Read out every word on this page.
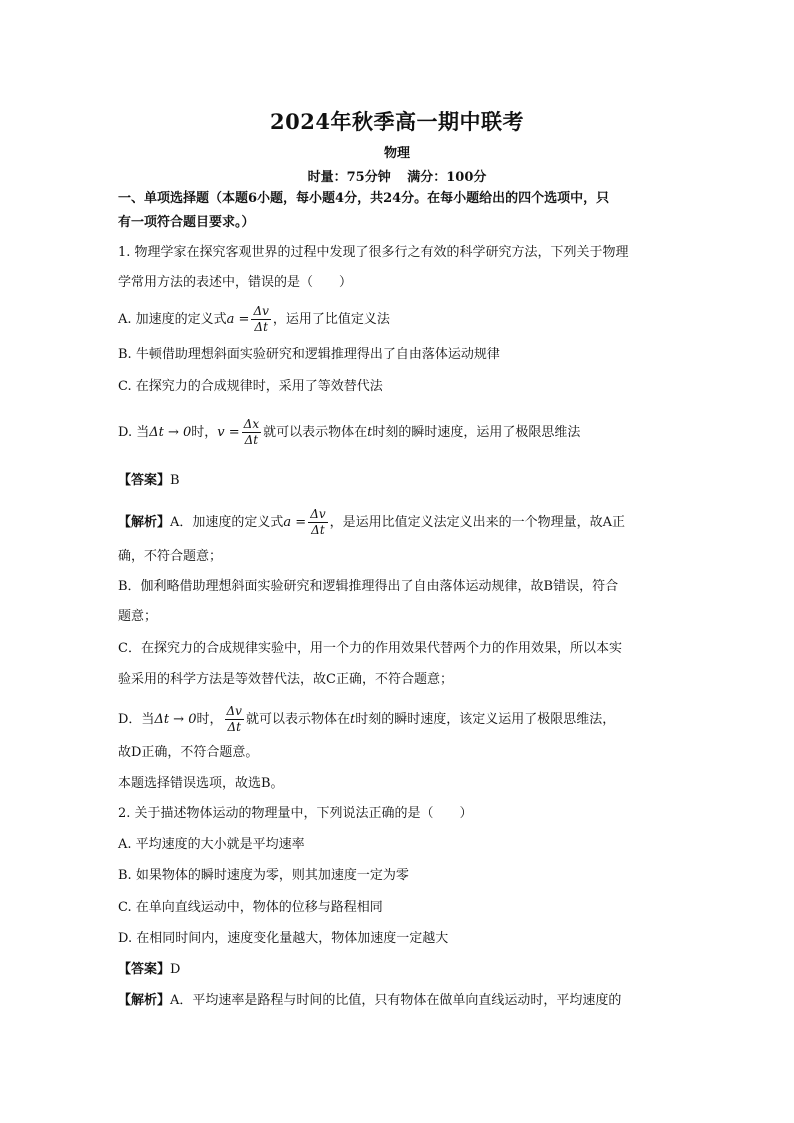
2024年秋季高一期中联考
物理
时量：75分钟 满分：100分
一、单项选择题（本题6小题，每小题4分，共24分。在每小题给出的四个选项中，只
有一项符合题目要求。）
1. 物理学家在探究客观世界的过程中发现了很多行之有效的科学研究方法，下列关于物理
学常用方法的表述中，错误的是（　　）
A. 加速度的定义式$a = \frac{\Delta v}{\Delta t}$ ，运用了比值定义法
B. 牛顿借助理想斜面实验研究和逻辑推理得出了自由落体运动规律
C. 在探究力的合成规律时，采用了等效替代法
D. 当Δt → 0时，$v = \frac{\Delta x}{\Delta t}$ 就可以表示物体在t时刻的瞬时速度，运用了极限思维法
【答案】B
【解析】A．加速度的定义式$a = \frac{\Delta v}{\Delta t}$ ，是运用比值定义法定义出来的一个物理量，故A正
确，不符合题意；
B．伽利略借助理想斜面实验研究和逻辑推理得出了自由落体运动规律，故B错误，符合
题意；
C．在探究力的合成规律实验中，用一个力的作用效果代替两个力的作用效果，所以本实
验采用的科学方法是等效替代法，故C正确，不符合题意；
D．当Δt → 0时， $\frac{\Delta v}{\Delta t}$ 就可以表示物体在t时刻的瞬时速度，该定义运用了极限思维法，
故D正确，不符合题意。
本题选择错误选项，故选B。
2. 关于描述物体运动的物理量中，下列说法正确的是（　　）
A. 平均速度的大小就是平均速率
B. 如果物体的瞬时速度为零，则其加速度一定为零
C. 在单向直线运动中，物体的位移与路程相同
D. 在相同时间内，速度变化量越大，物体加速度一定越大
【答案】D
【解析】A．平均速率是路程与时间的比值，只有物体在做单向直线运动时，平均速度的
